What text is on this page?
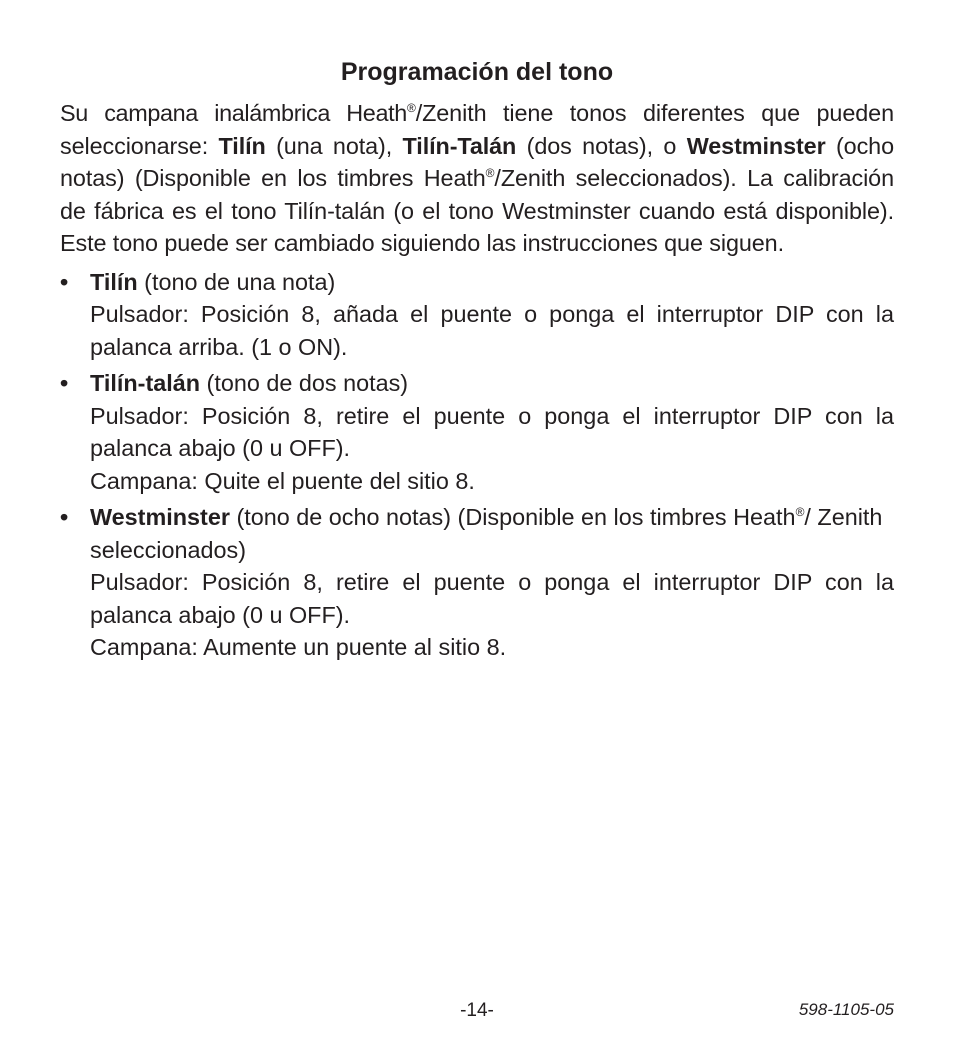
Programación del tono

Su campana inalámbrica Heath®/Zenith tiene tonos diferentes que pueden seleccionarse: Tilín (una nota), Tilín-Talán (dos notas), o Westminster (ocho notas) (Disponible en los timbres Heath®/Zenith seleccionados). La calibración de fábrica es el tono Tilín-talán (o el tono Westminster cuando está disponible). Este tono puede ser cambiado siguiendo las instrucciones que siguen.

• Tilín (tono de una nota)

Pulsador: Posición 8, añada el puente o ponga el interruptor DIP con la palanca arriba. (1 o ON).

• Tilín-talán (tono de dos notas)

Pulsador: Posición 8, retire el puente o ponga el interruptor DIP con la palanca abajo (0 u OFF).

Campana: Quite el puente del sitio 8.

• Westminster (tono de ocho notas) (Disponible en los timbres Heath®/ Zenith seleccionados)

Pulsador: Posición 8, retire el puente o ponga el interruptor DIP con la palanca abajo (0 u OFF).

Campana: Aumente un puente al sitio 8.

-14-	598-1105-05
